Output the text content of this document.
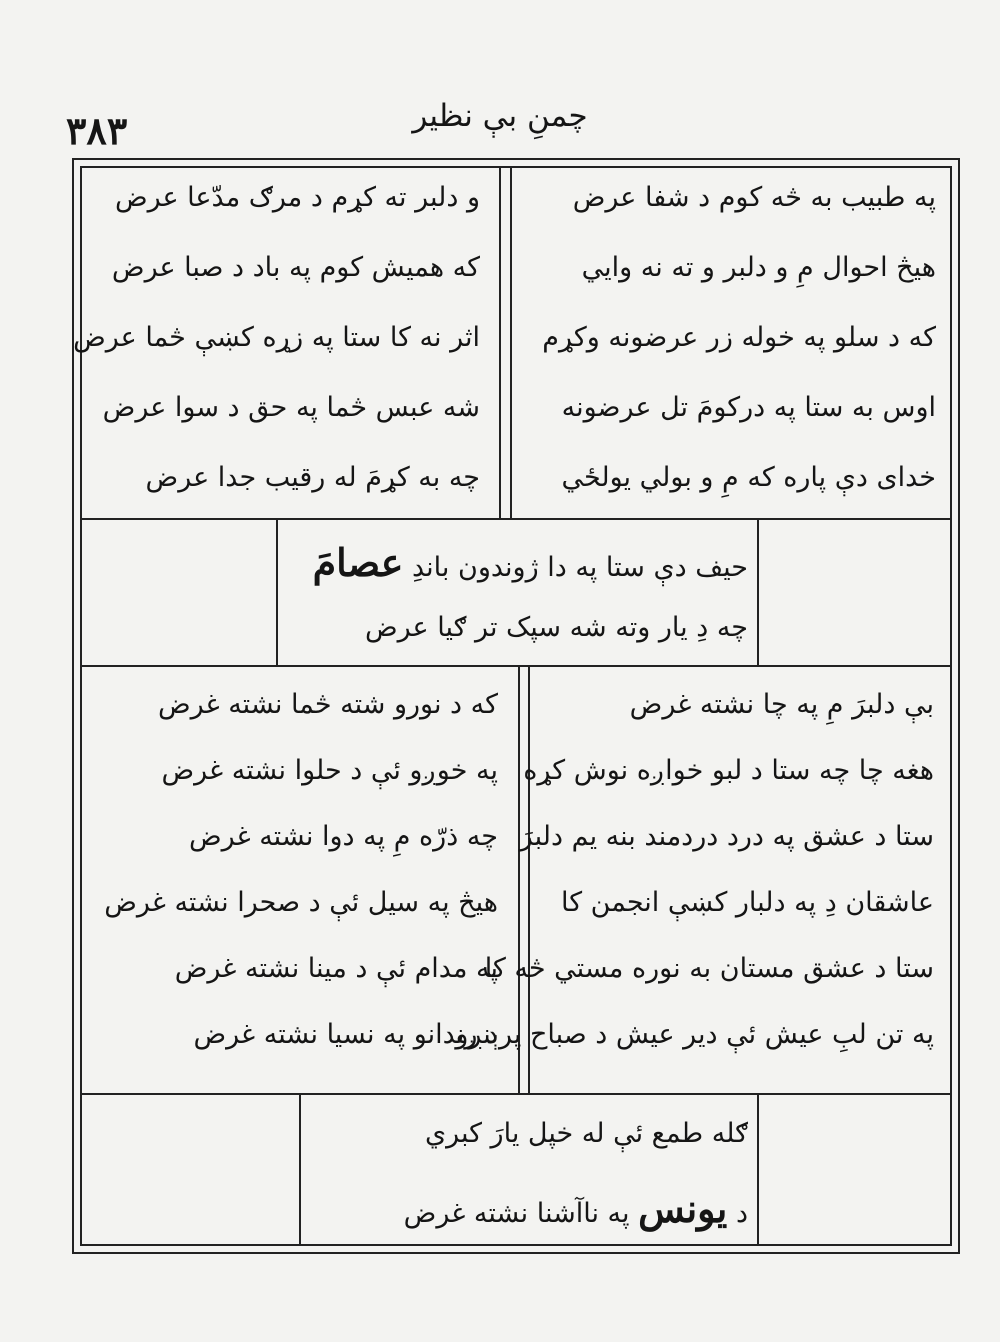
۳۸۳	چمنِ بې نظیر
په طبیب به څه کوم د شفا عرض
هیڅ احوال مِ و دلبر و ته نه وایي
که د سلو په خوله زر عرضونه وکړم
اوس به ستا په درکومَ تل عرضونه
خدای دې پاره که مِ و بولي یولځي
و دلبر ته کړم د مرګ مدّعا عرض
که همیش کوم په باد د صبا عرض
اثر نه کا ستا په زړه کښې څما عرض
شه عبس څما په حق د سوا عرض
چه به کړمَ له رقیب جدا عرض
حیف دې ستا په دا ژوندون باندِ عصامَ
چه دِ یار وته شه سپک تر ګیا عرض
بې دلبرَ مِ په چا نشته غرض
هغه چا چه ستا د لبو خواږه نوش کړه
ستا د عشق په درد دردمند بنه یم دلبرَ
عاشقان دِ په دلبار کښې انجمن کا
ستا د عشق مستان به نوره مستي څه کا
په تن لبِ عیش ئې دیر عیش د صباح پرېنږو
که د نورو شته څما نشته غرض
په خوږو ئې د حلوا نشته غرض
چه ذرّه مِ په دوا نشته غرض
هیڅ په سیل ئې د صحرا نشته غرض
په مدام ئې د مینا نشته غرض
د رندانو په نسیا نشته غرض
ګله طمع ئې له خپل یارَ کبري
د یونس په ناآشنا نشته غرض
